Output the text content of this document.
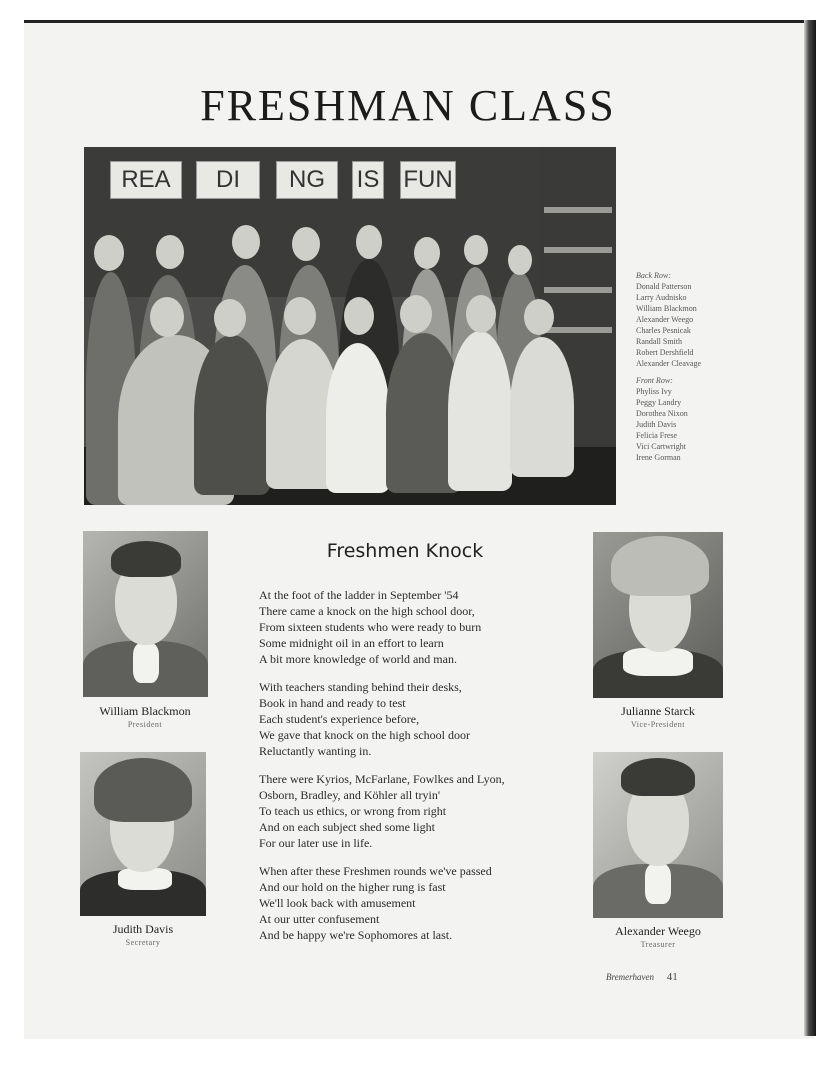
FRESHMAN CLASS
REA	DI	NG	IS FUN
Back Row:
Donald Patterson
Larry Audnisko
William Blackmon
Alexander Weego
Charles Pesnicak
Randall Smith
Robert Dershfield
Alexander Cleavage
Front Row:
Phyliss Ivy
Peggy Landry
Dorothea Nixon
Judith Davis
Felicia Frese
Vici Cartwright
Irene Gorman
William Blackmon
President
Judith Davis
Secretary
Julianne Starck
Vice-President
Alexander Weego
Treasurer
Freshmen Knock
At the foot of the ladder in September '54
There came a knock on the high school door,
From sixteen students who were ready to burn
Some midnight oil in an effort to learn
A bit more knowledge of world and man.
With teachers standing behind their desks,
Book in hand and ready to test
Each student's experience before,
We gave that knock on the high school door
Reluctantly wanting in.
There were Kyrios, McFarlane, Fowlkes and Lyon,
Osborn, Bradley, and Köhler all tryin'
To teach us ethics, or wrong from right
And on each subject shed some light
For our later use in life.
When after these Freshmen rounds we've passed
And our hold on the higher rung is fast
We'll look back with amusement
At our utter confusement
And be happy we're Sophomores at last.
Bremerhaven 41
